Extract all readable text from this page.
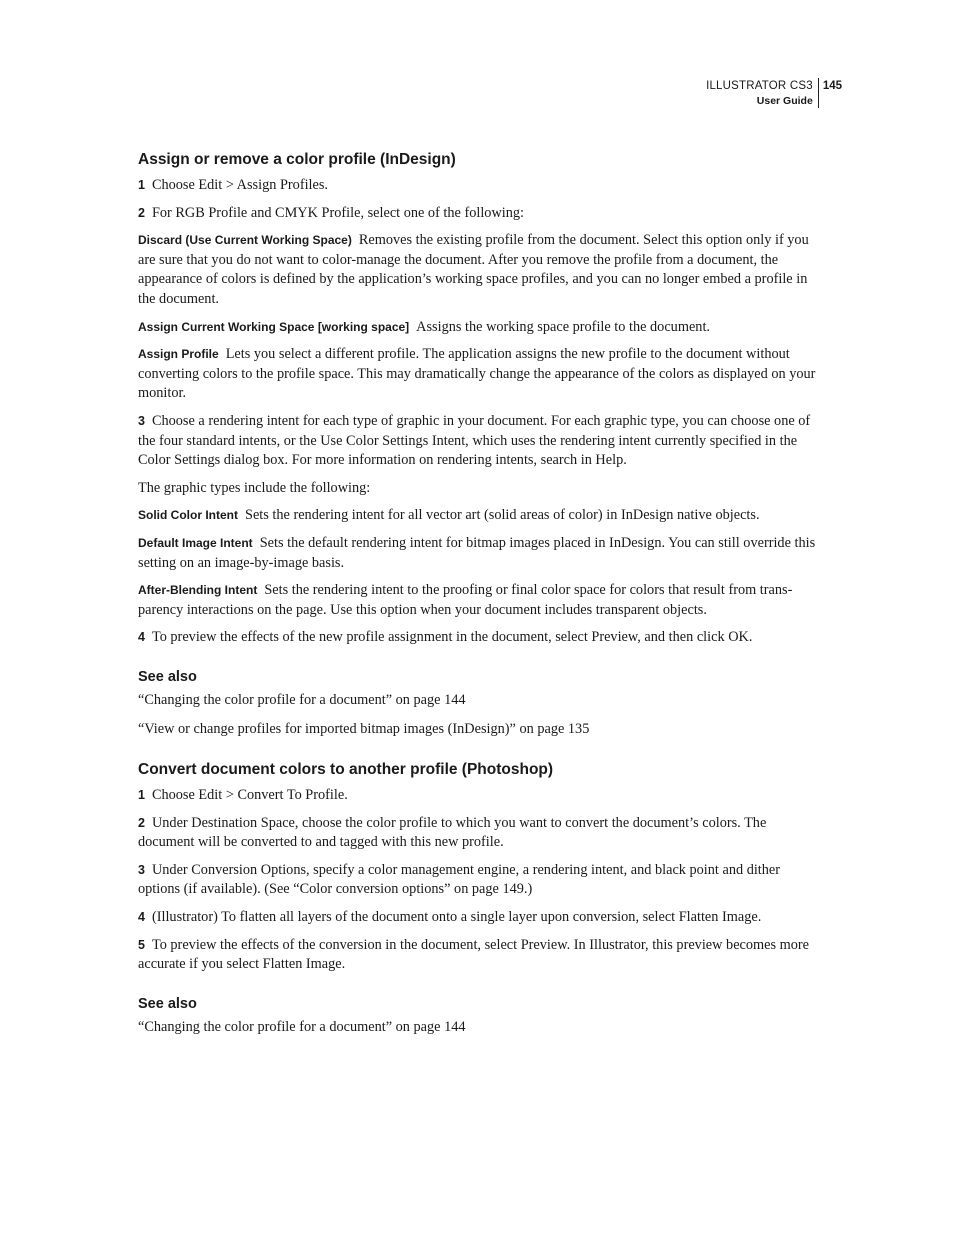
ILLUSTRATOR CS3
User Guide
145
Assign or remove a color profile (InDesign)

1 Choose Edit > Assign Profiles.

2 For RGB Profile and CMYK Profile, select one of the following:

Discard (Use Current Working Space) Removes the existing profile from the document. Select this option only if you are sure that you do not want to color-manage the document. After you remove the profile from a document, the appearance of colors is defined by the application’s working space profiles, and you can no longer embed a profile in the document.

Assign Current Working Space [working space] Assigns the working space profile to the document.

Assign Profile Lets you select a different profile. The application assigns the new profile to the document without converting colors to the profile space. This may dramatically change the appearance of the colors as displayed on your monitor.

3 Choose a rendering intent for each type of graphic in your document. For each graphic type, you can choose one of the four standard intents, or the Use Color Settings Intent, which uses the rendering intent currently specified in the Color Settings dialog box. For more information on rendering intents, search in Help.

The graphic types include the following:

Solid Color Intent Sets the rendering intent for all vector art (solid areas of color) in InDesign native objects.

Default Image Intent Sets the default rendering intent for bitmap images placed in InDesign. You can still override this setting on an image-by-image basis.

After-Blending Intent Sets the rendering intent to the proofing or final color space for colors that result from trans-parency interactions on the page. Use this option when your document includes transparent objects.

4 To preview the effects of the new profile assignment in the document, select Preview, and then click OK.

See also

“Changing the color profile for a document” on page 144

“View or change profiles for imported bitmap images (InDesign)” on page 135

Convert document colors to another profile (Photoshop)

1 Choose Edit > Convert To Profile.

2 Under Destination Space, choose the color profile to which you want to convert the document’s colors. The document will be converted to and tagged with this new profile.

3 Under Conversion Options, specify a color management engine, a rendering intent, and black point and dither options (if available). (See “Color conversion options” on page 149.)

4 (Illustrator) To flatten all layers of the document onto a single layer upon conversion, select Flatten Image.

5 To preview the effects of the conversion in the document, select Preview. In Illustrator, this preview becomes more accurate if you select Flatten Image.

See also

“Changing the color profile for a document” on page 144
